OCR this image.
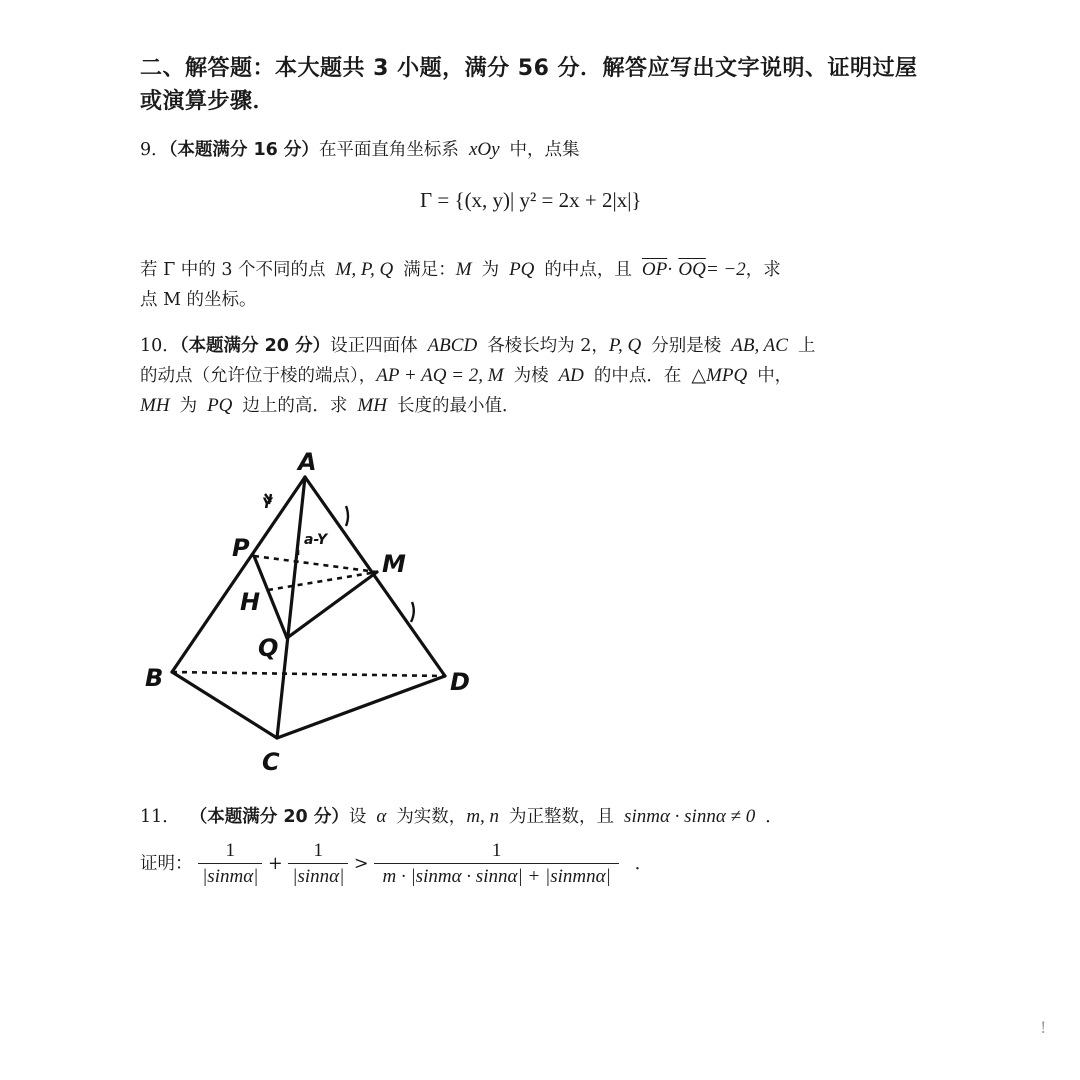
二、解答题：本大题共 3 小题，满分 56 分．解答应写出文字说明、证明过屋或演算步骤．
9．（本题满分 16 分）在平面直角坐标系 xOy 中，点集
Γ = {(x, y)| y² = 2x + 2|x|}
若 Γ 中的 3 个不同的点 M, P, Q 满足：M 为 PQ 的中点，且 $\overline{OP}\cdot \overline{OQ}= -2$，求
点 M 的坐标。
10．（本题满分 20 分）设正四面体 ABCD 各棱长均为 2，P, Q 分别是棱 AB, AC 上
的动点（允许位于棱的端点），AP + AQ = 2, M 为棱 AD 的中点．在 △MPQ 中，
MH 为 PQ 边上的高．求 MH 长度的最小值．
A
B
C
D
P
Q
M
H
Y
a-Y
11． （本题满分 20 分）设 α 为实数，m, n 为正整数，且 sinmα · sinnα ≠ 0 ．
证明： $\frac{1}{|\sin m\alpha|} + \frac{1}{|\sin n\alpha|} > \frac{1}{\text{m · |sinmα · sinnα| + |sinmnα|}}$ ．
!
